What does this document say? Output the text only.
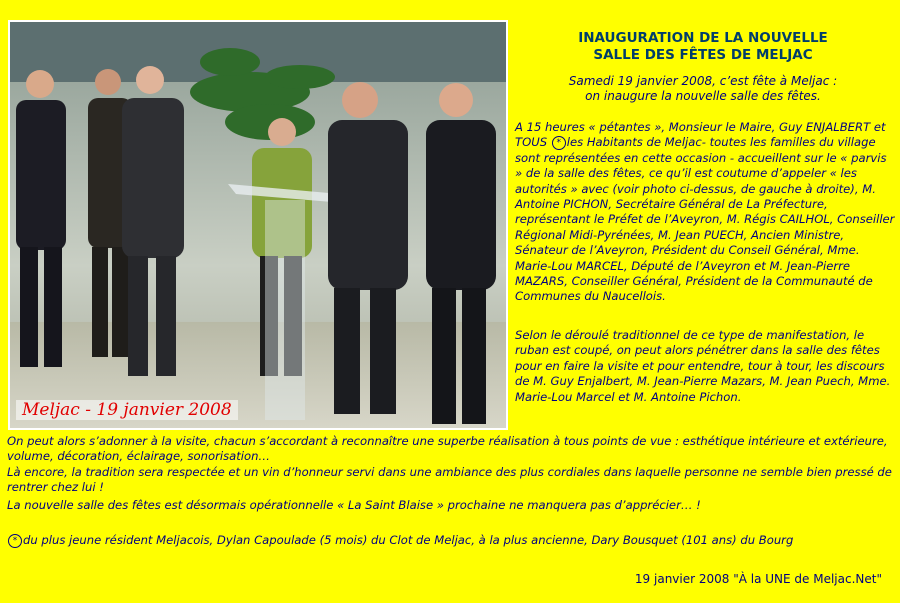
Meljac - 19 janvier 2008
INAUGURATION DE LA NOUVELLE
SALLE DES FÊTES DE MELJAC
Samedi 19 janvier 2008, c’est fête à Meljac :
on inaugure la nouvelle salle des fêtes.
A 15 heures « pétantes », Monsieur le Maire, Guy ENJALBERT et TOUS * les Habitants de Meljac- toutes les familles du village sont représentées en cette occasion - accueillent sur le « parvis » de la salle des fêtes, ce qu’il est coutume d’appeler « les autorités » avec (voir photo ci-dessus, de gauche à droite), M. Antoine PICHON, Secrétaire Général de La Préfecture, représentant le Préfet de l’Aveyron, M. Régis CAILHOL, Conseiller Régional Midi-Pyrénées, M. Jean PUECH, Ancien Ministre, Sénateur de l’Aveyron, Président du Conseil Général, Mme. Marie-Lou MARCEL, Député de l’Aveyron et M. Jean-Pierre MAZARS, Conseiller Général, Président de la Communauté de Communes du Naucellois.
Selon le déroulé traditionnel de ce type de manifestation, le ruban est coupé, on peut alors pénétrer dans la salle des fêtes pour en faire la visite et pour entendre, tour à tour, les discours de M. Guy Enjalbert, M. Jean-Pierre Mazars, M. Jean Puech, Mme. Marie-Lou Marcel et M. Antoine Pichon.
On peut alors s’adonner à la visite, chacun s’accordant à reconnaître une superbe réalisation à tous points de vue : esthétique intérieure et extérieure, volume, décoration, éclairage, sonorisation…
Là encore, la tradition sera respectée et un vin d’honneur servi dans une ambiance des plus cordiales dans laquelle personne ne semble bien pressé de rentrer chez lui !
La nouvelle salle des fêtes est désormais opérationnelle « La Saint Blaise » prochaine ne manquera pas d’apprécier… !
* du plus jeune résident Meljacois, Dylan Capoulade (5 mois) du Clot de Meljac, à la plus ancienne, Dary Bousquet (101 ans) du Bourg
19 janvier 2008 "À la UNE de Meljac.Net"
